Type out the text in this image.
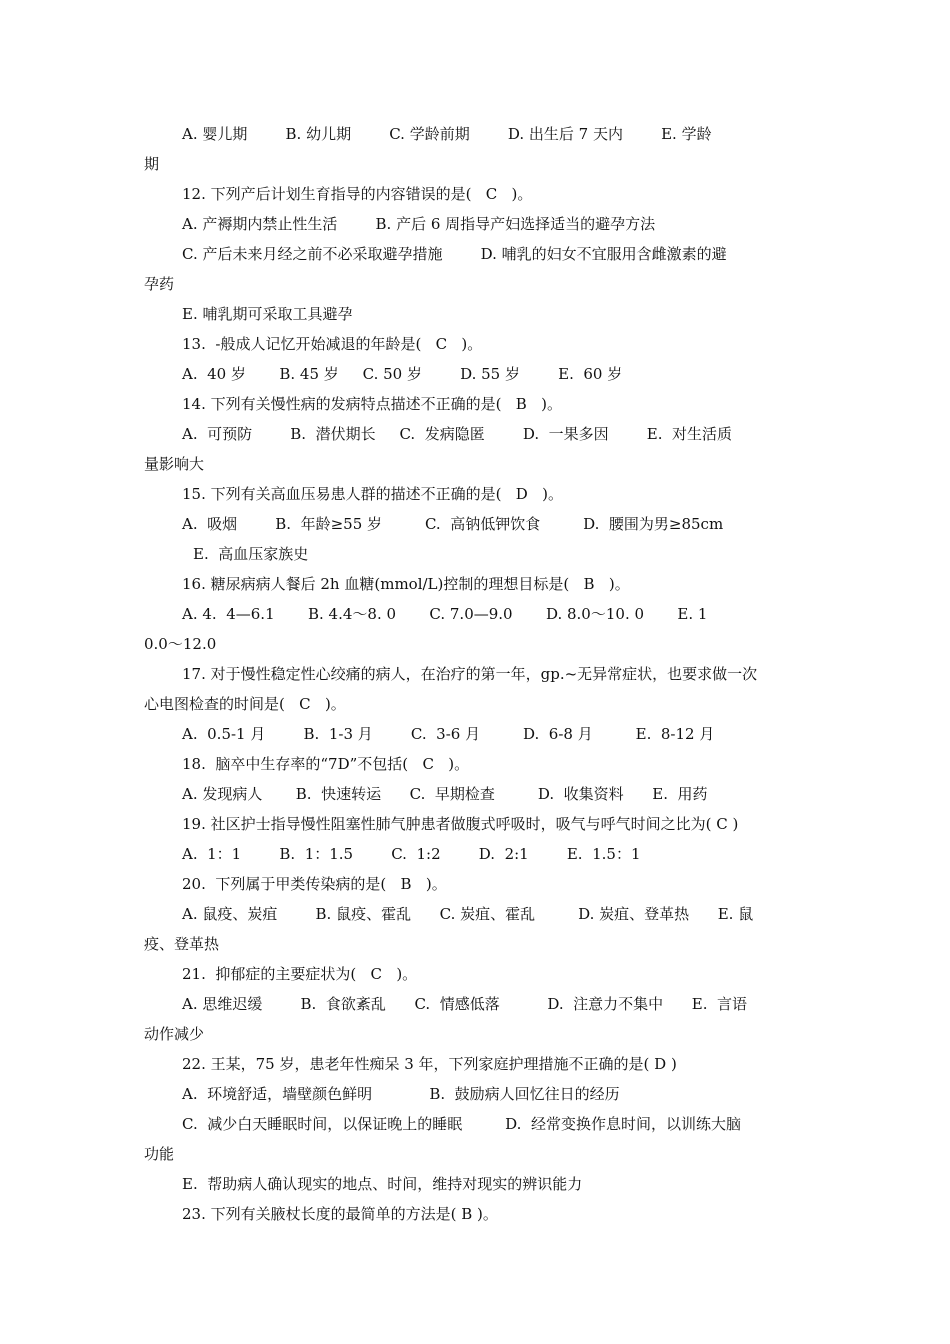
A. 婴儿期        B. 幼儿期        C. 学龄前期        D. 出生后 7 天内        E. 学龄
期
12. 下列产后计划生育指导的内容错误的是(   C   )。
A. 产褥期内禁止性生活        B. 产后 6 周指导产妇选择适当的避孕方法
C. 产后未来月经之前不必采取避孕措施        D. 哺乳的妇女不宜服用含雌激素的避
孕药
E. 哺乳期可采取工具避孕
13.  -般成人记忆开始减退的年龄是(   C   )。
A.  40 岁       B. 45 岁     C. 50 岁        D. 55 岁        E.  60 岁
14. 下列有关慢性病的发病特点描述不正确的是(   B   )。
A.  可预防        B.  潜伏期长     C.  发病隐匿        D.  一果多因        E.  对生活质
量影响大
15. 下列有关高血压易患人群的描述不正确的是(   D   )。
A.  吸烟        B.  年龄≥55 岁         C.  高钠低钾饮食         D.  腰围为男≥85cm
E.  高血压家族史
16. 糖尿病病人餐后 2h 血糖(mmol/L)控制的理想目标是(   B   )。
A. 4.  4—6.1       B. 4.4～8. 0       C. 7.0—9.0       D. 8.0～10. 0       E. 1
0.0～12.0
17. 对于慢性稳定性心绞痛的病人，在治疗的第一年，gp.~无异常症状，也要求做一次
心电图检查的时间是(   C   )。
A.  0.5-1 月        B.  1-3 月        C.  3-6 月         D.  6-8 月         E.  8-12 月
18.  脑卒中生存率的“7D”不包括(   C   )。
A. 发现病人       B.  快速转运      C.  早期检查         D.  收集资料      E.  用药
19. 社区护士指导慢性阻塞性肺气肿患者做腹式呼吸时，吸气与呼气时间之比为( C )
A.  1：1        B.  1：1.5        C.  1:2        D.  2:1        E.  1.5：1
20.  下列属于甲类传染病的是(   B   )。
A. 鼠疫、炭疽        B. 鼠疫、霍乱      C. 炭疽、霍乱         D. 炭疽、登革热      E. 鼠
疫、登革热
21.  抑郁症的主要症状为(   C   )。
A. 思维迟缓        B.  食欲紊乱      C.  情感低落          D.  注意力不集中      E.  言语
动作减少
22. 王某，75 岁，患老年性痴呆 3 年，下列家庭护理措施不正确的是( D )
A.  环境舒适，墙壁颜色鲜明            B.  鼓励病人回忆往日的经历
C.  减少白天睡眠时间，以保证晚上的睡眠         D.  经常变换作息时间，以训练大脑
功能
E.  帮助病人确认现实的地点、时间，维持对现实的辨识能力
23. 下列有关腋杖长度的最简单的方法是( B )。
